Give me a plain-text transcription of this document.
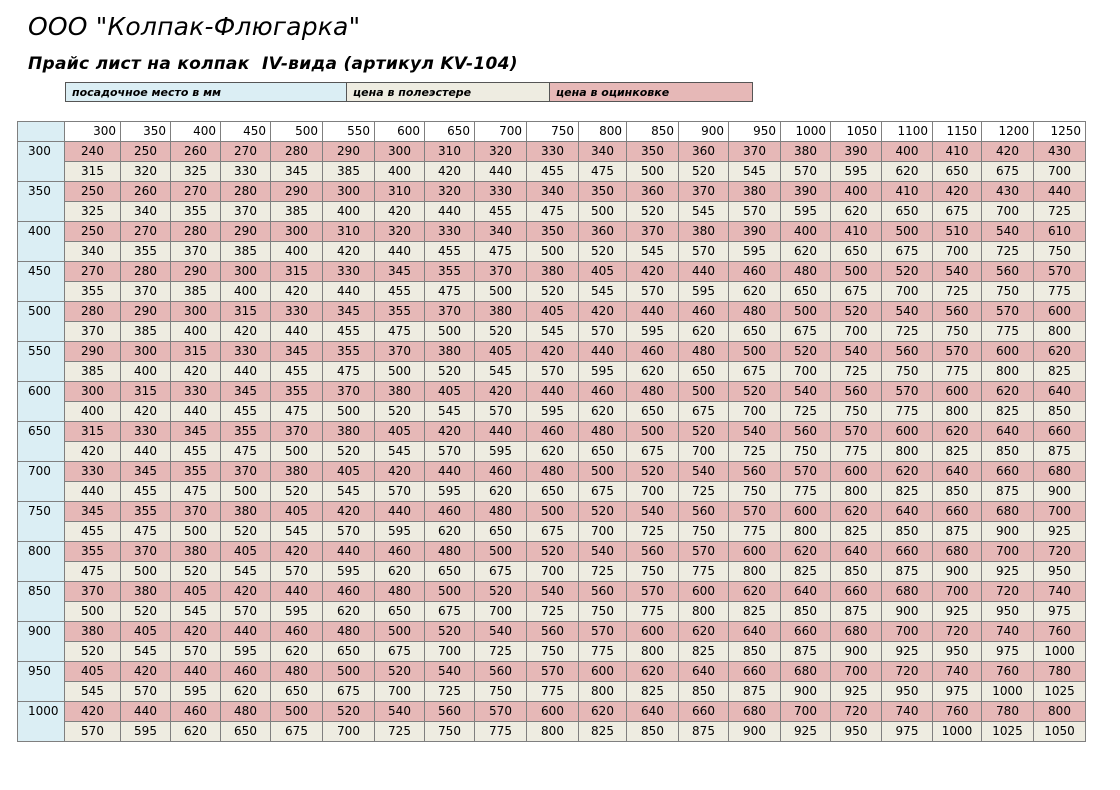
ООО "Колпак-Флюгарка"
Прайс лист на колпак  IV-вида (артикул KV-104)
посадочное место в мм	цена в полеэстере	цена в оцинковке
	300	350	400	450	500	550	600	650	700	750	800	850	900	950	1000	1050	1100	1150	1200	1250
300	240	250	260	270	280	290	300	310	320	330	340	350	360	370	380	390	400	410	420	430
	315	320	325	330	345	385	400	420	440	455	475	500	520	545	570	595	620	650	675	700
350	250	260	270	280	290	300	310	320	330	340	350	360	370	380	390	400	410	420	430	440
	325	340	355	370	385	400	420	440	455	475	500	520	545	570	595	620	650	675	700	725
400	250	270	280	290	300	310	320	330	340	350	360	370	380	390	400	410	500	510	540	610
	340	355	370	385	400	420	440	455	475	500	520	545	570	595	620	650	675	700	725	750
450	270	280	290	300	315	330	345	355	370	380	405	420	440	460	480	500	520	540	560	570
	355	370	385	400	420	440	455	475	500	520	545	570	595	620	650	675	700	725	750	775
500	280	290	300	315	330	345	355	370	380	405	420	440	460	480	500	520	540	560	570	600
	370	385	400	420	440	455	475	500	520	545	570	595	620	650	675	700	725	750	775	800
550	290	300	315	330	345	355	370	380	405	420	440	460	480	500	520	540	560	570	600	620
	385	400	420	440	455	475	500	520	545	570	595	620	650	675	700	725	750	775	800	825
600	300	315	330	345	355	370	380	405	420	440	460	480	500	520	540	560	570	600	620	640
	400	420	440	455	475	500	520	545	570	595	620	650	675	700	725	750	775	800	825	850
650	315	330	345	355	370	380	405	420	440	460	480	500	520	540	560	570	600	620	640	660
	420	440	455	475	500	520	545	570	595	620	650	675	700	725	750	775	800	825	850	875
700	330	345	355	370	380	405	420	440	460	480	500	520	540	560	570	600	620	640	660	680
	440	455	475	500	520	545	570	595	620	650	675	700	725	750	775	800	825	850	875	900
750	345	355	370	380	405	420	440	460	480	500	520	540	560	570	600	620	640	660	680	700
	455	475	500	520	545	570	595	620	650	675	700	725	750	775	800	825	850	875	900	925
800	355	370	380	405	420	440	460	480	500	520	540	560	570	600	620	640	660	680	700	720
	475	500	520	545	570	595	620	650	675	700	725	750	775	800	825	850	875	900	925	950
850	370	380	405	420	440	460	480	500	520	540	560	570	600	620	640	660	680	700	720	740
	500	520	545	570	595	620	650	675	700	725	750	775	800	825	850	875	900	925	950	975
900	380	405	420	440	460	480	500	520	540	560	570	600	620	640	660	680	700	720	740	760
	520	545	570	595	620	650	675	700	725	750	775	800	825	850	875	900	925	950	975	1000
950	405	420	440	460	480	500	520	540	560	570	600	620	640	660	680	700	720	740	760	780
	545	570	595	620	650	675	700	725	750	775	800	825	850	875	900	925	950	975	1000	1025
1000	420	440	460	480	500	520	540	560	570	600	620	640	660	680	700	720	740	760	780	800
	570	595	620	650	675	700	725	750	775	800	825	850	875	900	925	950	975	1000	1025	1050
